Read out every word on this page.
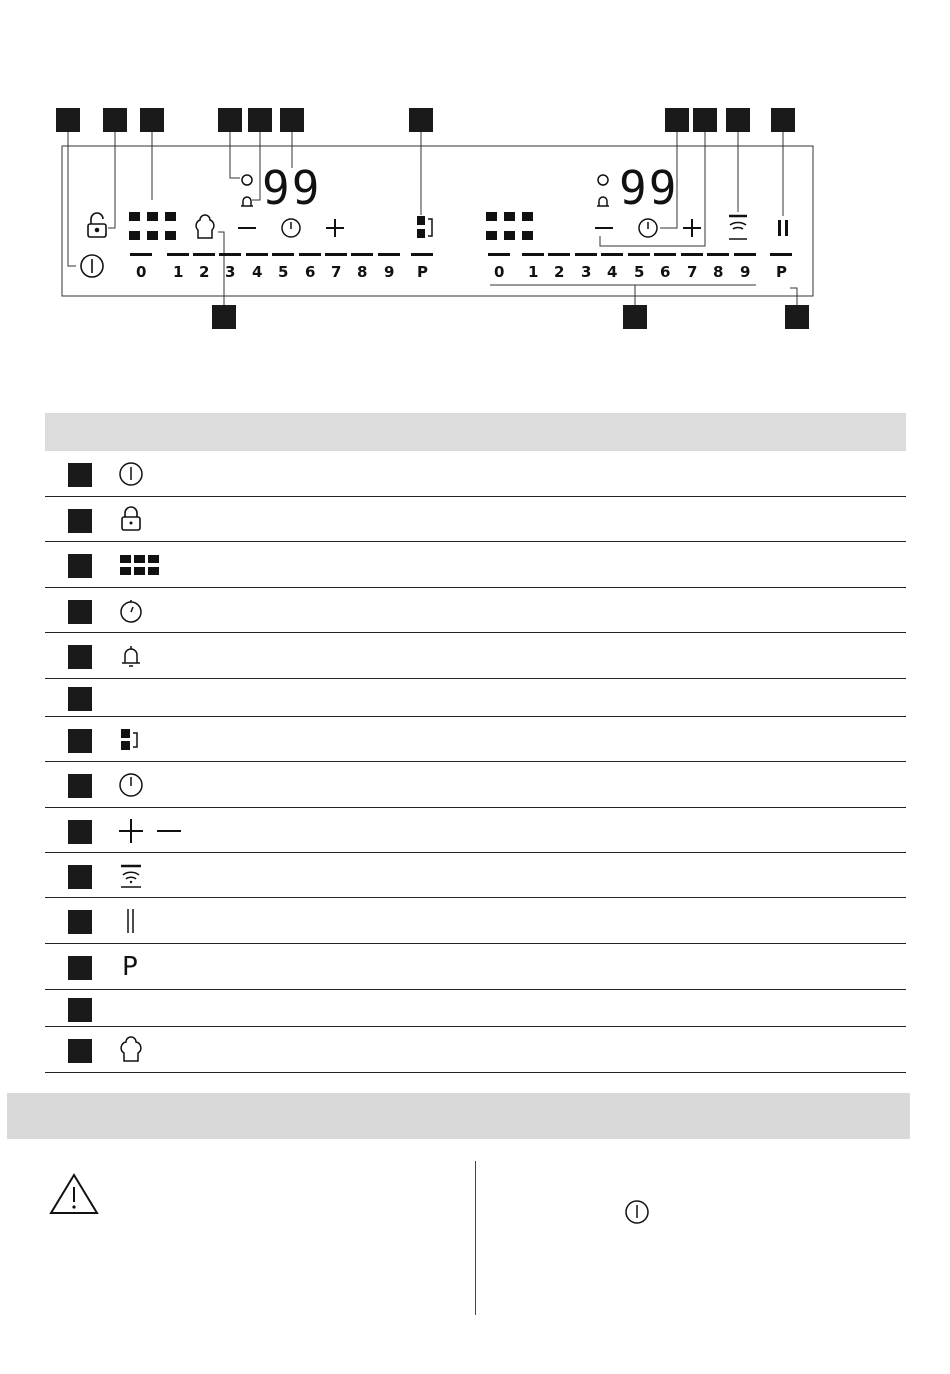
99	99
0 1 2 3 4 5 6 7 8 9 P	0 1 2 3 4 5 6 7 8 9 P
P
